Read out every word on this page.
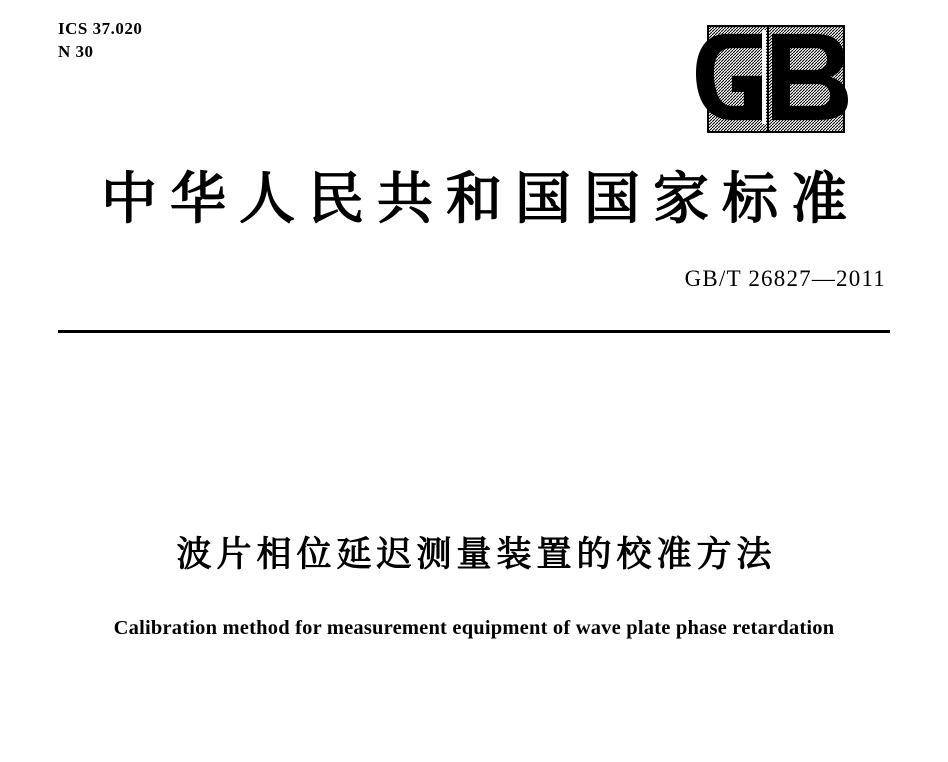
ICS 37.020
N 30
中华人民共和国国家标准
GB/T 26827—2011
波片相位延迟测量装置的校准方法
Calibration method for measurement equipment of wave plate phase retardation
